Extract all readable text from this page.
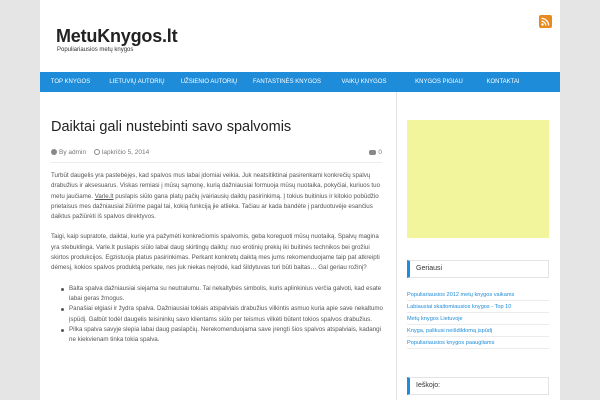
MetuKnygos.lt
Populiariausios metų knygos
TOP KNYGOS	LIETUVIŲ AUTORIŲ	UŽSIENIO AUTORIŲ	FANTASTINĖS KNYGOS	VAIKŲ KNYGOS	KNYGOS PIGIAU	KONTAKTAI
Daiktai gali nustebinti savo spalvomis
By admin lapkričio 5, 2014	0

Turbūt daugelis yra pastebėjęs, kad spalvos mus labai įdomiai veikia. Juk neatsitiktinai pasirenkami konkrečių spalvų drabužius ir aksesuarus. Viskas remiasi į mūsų sąmonę, kurią dažniausiai formuoja mūsų nuotaika, pokyčiai, kuriuos tuo metu jaučiame. Varle.lt puslapis siūlo gana platų pačių įvairiausių daiktų pasirinkimą. Į tokius buitinius ir kitokio pobūdžio prietaisus mes dažniausiai žiūrime pagal tai, kokią funkciją jie atlieka. Tačiau ar kada bandėte į parduotuvėje esančius daiktus pažiūrėti iš spalvos direktyvos.

Taigi, kaip supratote, daiktai, kurie yra pažymėti konkrečiomis spalvomis, geba koreguoti mūsų nuotaiką. Spalvų magina yra stebuklinga. Varle.lt puslapis siūlo labai daug skirtingų daiktų: nuo erotinių prekių iki buitinės technikos bei grožiui skirtos produkcijos. Egzistuoja platus pasirinkimas. Perkant konkretų daiktą mes jums rekomenduojame taip pat atkreipti dėmesį, kokios spalvos produktą perkate, nes juk niekas neįrodė, kad šildytuvas turi būti baltas… Gal geriau rožinį?

Balta spalva dažniausiai siejama su neutralumu. Tai nekaltybės simbolis, kuris aplinkinius verčia galvoti, kad esate labai geras žmogus.
Panašiai elgiasi ir žydra spalva. Dažniausiai tokiais atspalviais drabužius vilkintis asmuo kuria apie save nekaltumo įspūdį. Galbūt todėl daugelis teisininkų savo klientams siūlo per teismus vilkėti būtent tokios spalvos drabužius.
Pilka spalva savyje slepia labai daug paslapčių. Nerekomenduojama save įrengti šios spalvos atspalviais, kadangi ne kiekvienam tinka tokia spalva.
Geriausi
Populiariausios 2012 metų knygos vaikams
Labiausiai skaitomiausios knygos - Top 10
Metų knygos Lietuvoje
Knyga, palikusi neišdildomą įspūdį
Populiariausios knygos paaugliams
Ieškojo:
